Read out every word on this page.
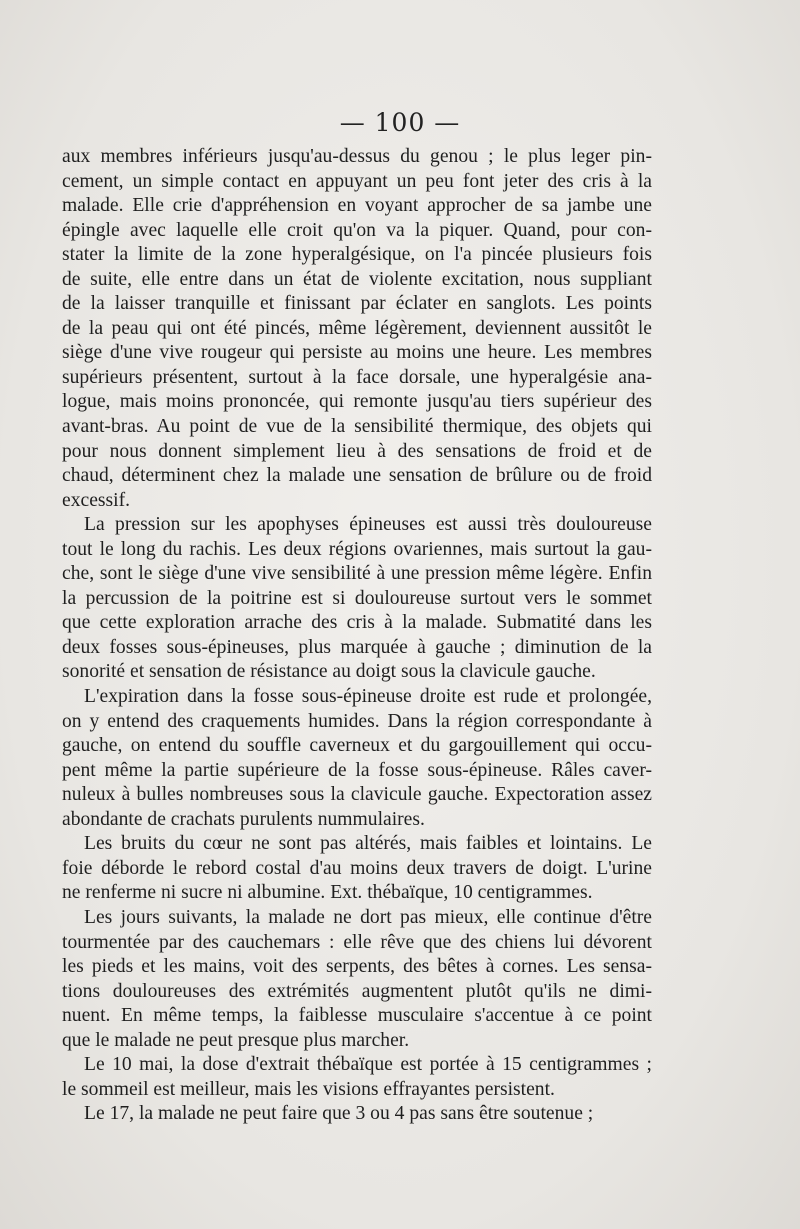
— 100 —
aux membres inférieurs jusqu'au-dessus du genou ; le plus leger pin-
cement, un simple contact en appuyant un peu font jeter des cris à la
malade. Elle crie d'appréhension en voyant approcher de sa jambe une
épingle avec laquelle elle croit qu'on va la piquer. Quand, pour con-
stater la limite de la zone hyperalgésique, on l'a pincée plusieurs fois
de suite, elle entre dans un état de violente excitation, nous suppliant
de la laisser tranquille et finissant par éclater en sanglots. Les points
de la peau qui ont été pincés, même légèrement, deviennent aussitôt le
siège d'une vive rougeur qui persiste au moins une heure. Les membres
supérieurs présentent, surtout à la face dorsale, une hyperalgésie ana-
logue, mais moins prononcée, qui remonte jusqu'au tiers supérieur des
avant-bras. Au point de vue de la sensibilité thermique, des objets qui
pour nous donnent simplement lieu à des sensations de froid et de
chaud, déterminent chez la malade une sensation de brûlure ou de froid
excessif.
La pression sur les apophyses épineuses est aussi très douloureuse
tout le long du rachis. Les deux régions ovariennes, mais surtout la gau-
che, sont le siège d'une vive sensibilité à une pression même légère. Enfin
la percussion de la poitrine est si douloureuse surtout vers le sommet
que cette exploration arrache des cris à la malade. Submatité dans les
deux fosses sous-épineuses, plus marquée à gauche ; diminution de la
sonorité et sensation de résistance au doigt sous la clavicule gauche.
L'expiration dans la fosse sous-épineuse droite est rude et prolongée,
on y entend des craquements humides. Dans la région correspondante à
gauche, on entend du souffle caverneux et du gargouillement qui occu-
pent même la partie supérieure de la fosse sous-épineuse. Râles caver-
nuleux à bulles nombreuses sous la clavicule gauche. Expectoration assez
abondante de crachats purulents nummulaires.
Les bruits du cœur ne sont pas altérés, mais faibles et lointains. Le
foie déborde le rebord costal d'au moins deux travers de doigt. L'urine
ne renferme ni sucre ni albumine. Ext. thébaïque, 10 centigrammes.
Les jours suivants, la malade ne dort pas mieux, elle continue d'être
tourmentée par des cauchemars : elle rêve que des chiens lui dévorent
les pieds et les mains, voit des serpents, des bêtes à cornes. Les sensa-
tions douloureuses des extrémités augmentent plutôt qu'ils ne dimi-
nuent. En même temps, la faiblesse musculaire s'accentue à ce point
que le malade ne peut presque plus marcher.
Le 10 mai, la dose d'extrait thébaïque est portée à 15 centigrammes ;
le sommeil est meilleur, mais les visions effrayantes persistent.
Le 17, la malade ne peut faire que 3 ou 4 pas sans être soutenue ;
